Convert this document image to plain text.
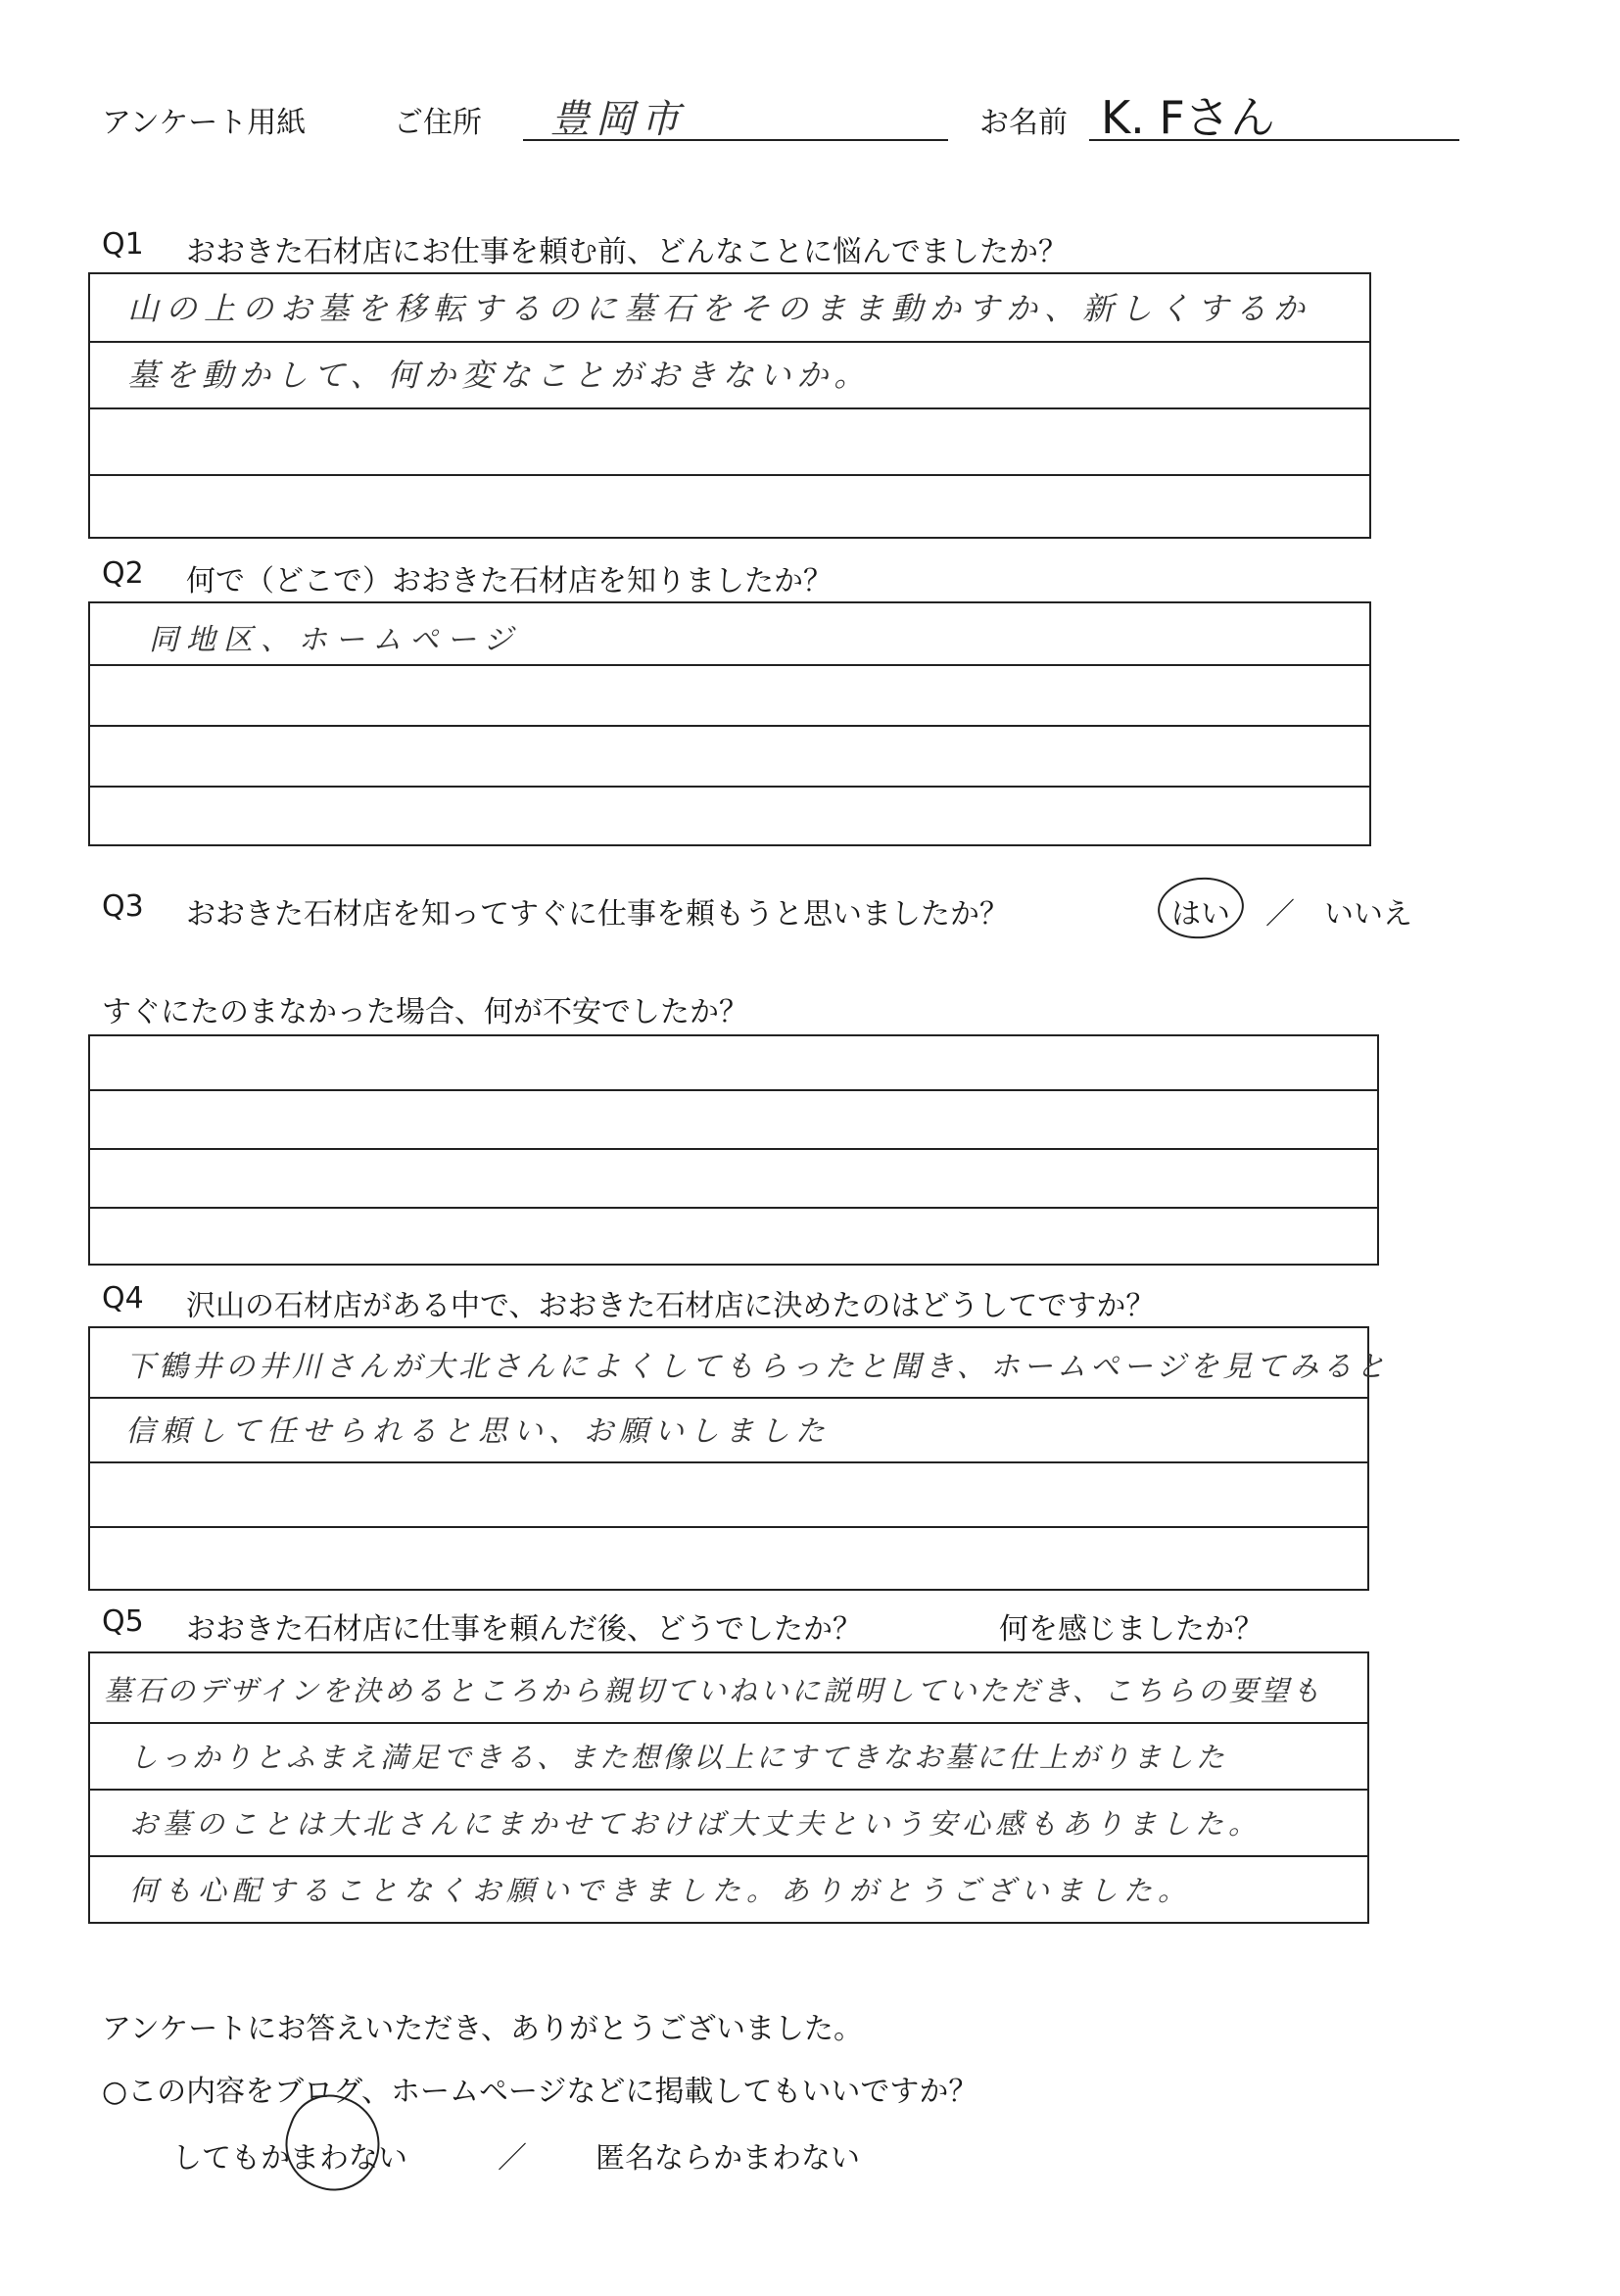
アンケート用紙	ご住所 豊岡市	お名前 K. Fさん
Q1 おおきた石材店にお仕事を頼む前、どんなことに悩んでましたか？
山の上のお墓を移転するのに墓石をそのまま動かすか、新しくするか
墓を動かして、何か変なことがおきないか。
Q2 何で（どこで）おおきた石材店を知りましたか？
同地区、ホームページ
Q3 おおきた石材店を知ってすぐに仕事を頼もうと思いましたか？	はい ／ いいえ
すぐにたのまなかった場合、何が不安でしたか？
Q4 沢山の石材店がある中で、おおきた石材店に決めたのはどうしてですか？
下鶴井の井川さんが大北さんによくしてもらったと聞き、ホームページを見てみると
信頼して任せられると思い、お願いしました
Q5 おおきた石材店に仕事を頼んだ後、どうでしたか？	何を感じましたか？
墓石のデザインを決めるところから親切ていねいに説明していただき、こちらの要望も
しっかりとふまえ満足できる、また想像以上にすてきなお墓に仕上がりました
お墓のことは大北さんにまかせておけば大丈夫という安心感もありました。
何も心配することなくお願いできました。ありがとうございました。
アンケートにお答えいただき、ありがとうございました。
○この内容をブログ、ホームページなどに掲載してもいいですか？
してもかまわない	／ 匿名ならかまわない
